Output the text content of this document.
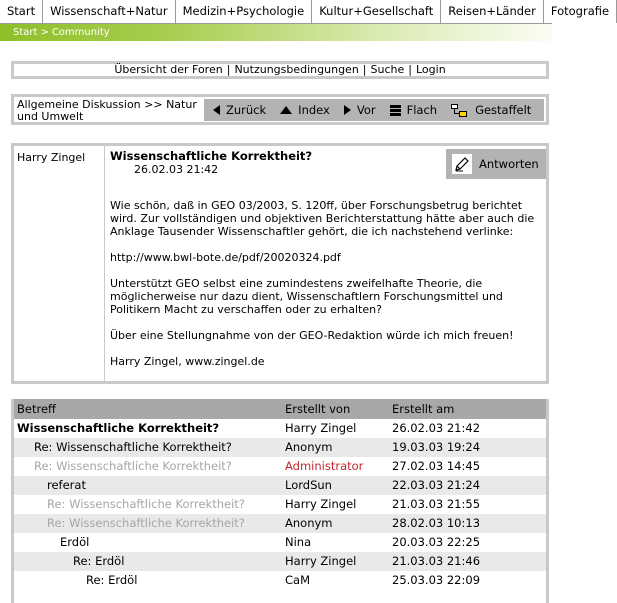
Start	Wissenschaft+Natur	Medizin+Psychologie	Kultur+Gesellschaft	Reisen+Länder	Fotografie
Start > Community
Übersicht der Foren | Nutzungsbedingungen | Suche | Login
Allgemeine Diskussion >> Natur
und Umwelt	Zurück	Index Vor	Flach	Gestaffelt
Harry Zingel Wissenschaftliche Korrektheit?
26.02.03 21:42	Antworten

Wie schön, daß in GEO 03/2003, S. 120ff, über Forschungsbetrug berichtet wird. Zur vollständigen und objektiven Berichterstattung hätte aber auch die Anklage Tausender Wissenschaftler gehört, die ich nachstehend verlinke:

http://www.bwl-bote.de/pdf/20020324.pdf

Unterstützt GEO selbst eine zumindestens zweifelhafte Theorie, die möglicherweise nur dazu dient, Wissenschaftlern Forschungsmittel und Politikern Macht zu verschaffen oder zu erhalten?

Über eine Stellungnahme von der GEO-Redaktion würde ich mich freuen!

Harry Zingel, www.zingel.de

Betreff	Erstellt von	Erstellt am
Wissenschaftliche Korrektheit?	Harry Zingel	26.02.03 21:42
Re: Wissenschaftliche Korrektheit?	Anonym	19.03.03 19:24
Re: Wissenschaftliche Korrektheit?	Administrator 27.02.03 14:45
referat	LordSun	22.03.03 21:24
Re: Wissenschaftliche Korrektheit?	Harry Zingel	21.03.03 21:55
Re: Wissenschaftliche Korrektheit?	Anonym	28.02.03 10:13
Erdöl	Nina	20.03.03 22:25
Re: Erdöl	Harry Zingel	21.03.03 21:46
Re: Erdöl	CaM	25.03.03 22:09
